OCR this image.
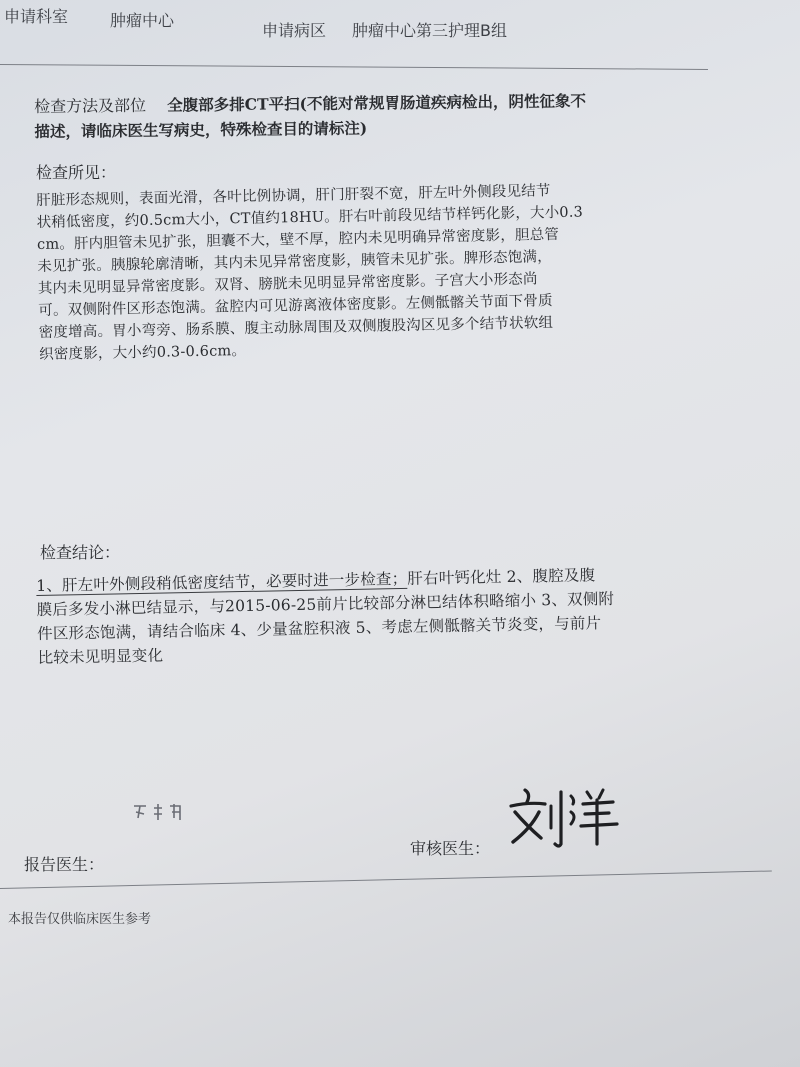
申请科室	肿瘤中心
申请病区 肿瘤中心第三护理B组
检查方法及部位 全腹部多排CT平扫(不能对常规胃肠道疾病检出，阴性征象不
描述，请临床医生写病史，特殊检查目的请标注)
检查所见：
肝脏形态规则，表面光滑，各叶比例协调，肝门肝裂不宽，肝左叶外侧段见结节
状稍低密度，约0.5cm大小，CT值约18HU。肝右叶前段见结节样钙化影，大小0.3
cm。肝内胆管未见扩张，胆囊不大，壁不厚，腔内未见明确异常密度影，胆总管
未见扩张。胰腺轮廓清晰，其内未见异常密度影，胰管未见扩张。脾形态饱满，
其内未见明显异常密度影。双肾、膀胱未见明显异常密度影。子宫大小形态尚
可。双侧附件区形态饱满。盆腔内可见游离液体密度影。左侧骶髂关节面下骨质
密度增高。胃小弯旁、肠系膜、腹主动脉周围及双侧腹股沟区见多个结节状软组
织密度影，大小约0.3-0.6cm。
检查结论：
1、肝左叶外侧段稍低密度结节，必要时进一步检查；肝右叶钙化灶 2、腹腔及腹
膜后多发小淋巴结显示，与2015-06-25前片比较部分淋巴结体积略缩小 3、双侧附
件区形态饱满，请结合临床 4、少量盆腔积液 5、考虑左侧骶髂关节炎变，与前片
比较未见明显变化
审核医生：
报告医生：
本报告仅供临床医生参考
